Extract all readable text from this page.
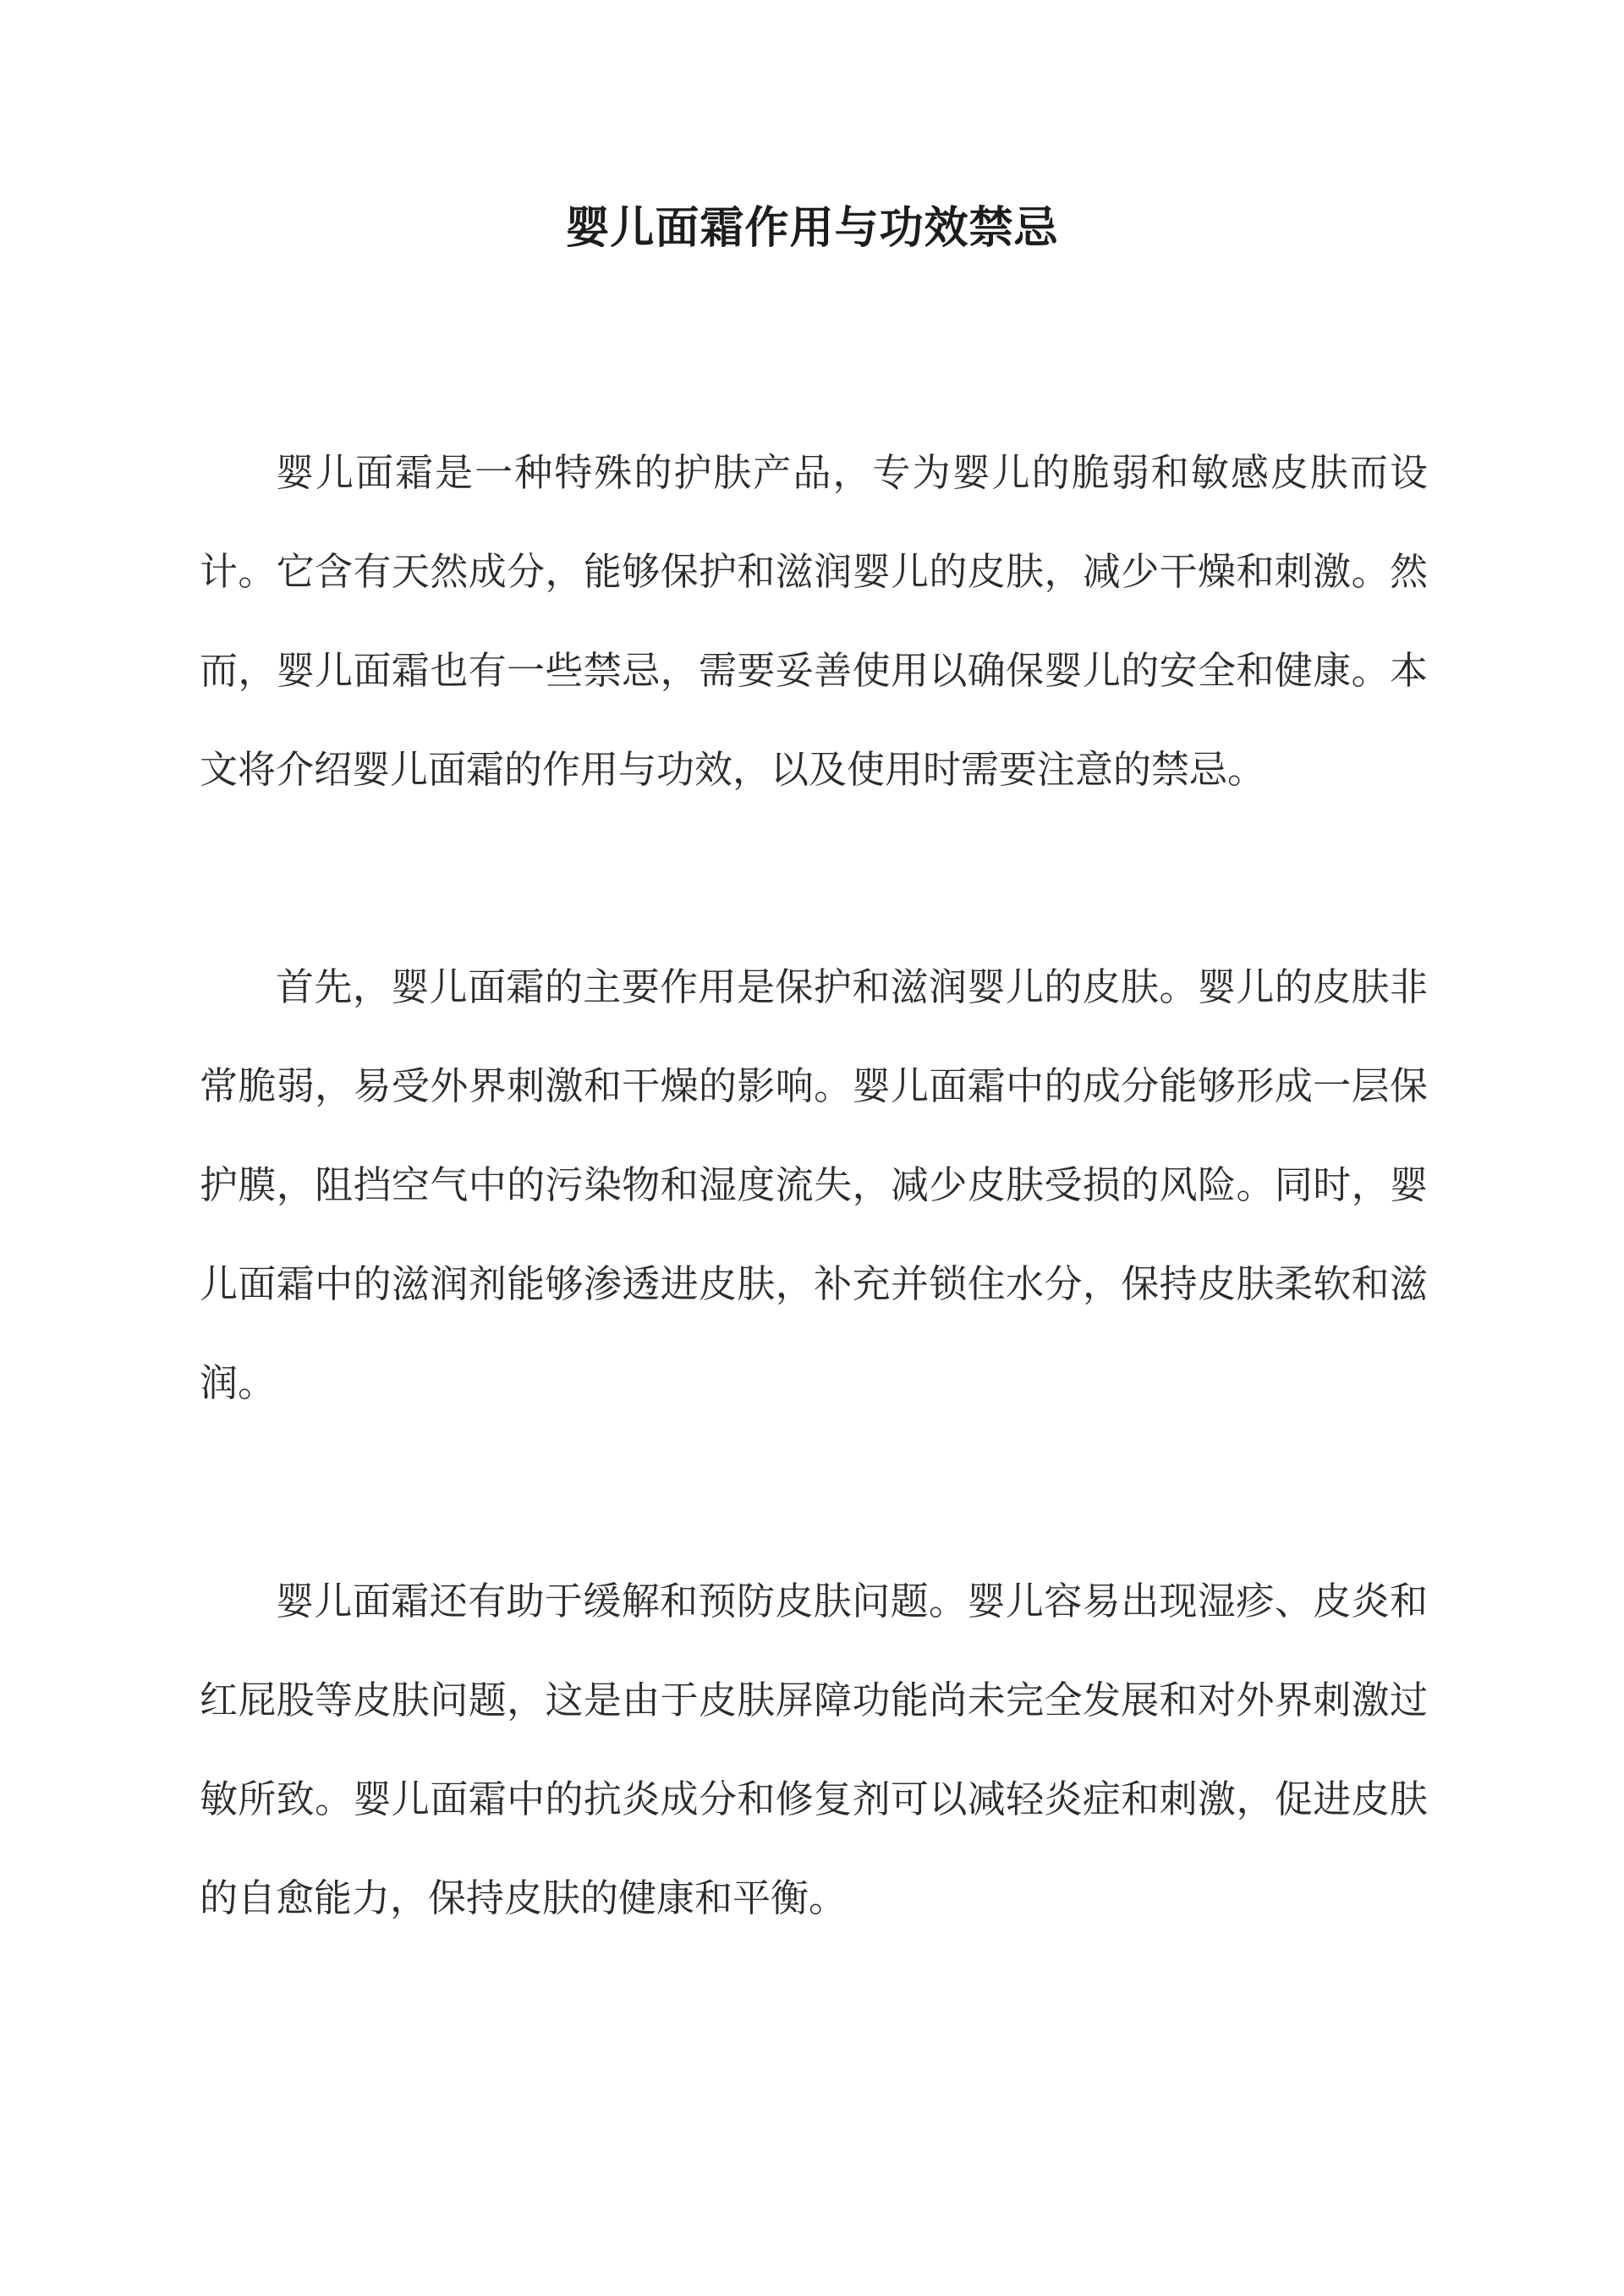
婴儿面霜作用与功效禁忌

婴儿面霜是一种特殊的护肤产品，专为婴儿的脆弱和敏感皮肤而设计。它含有天然成分，能够保护和滋润婴儿的皮肤，减少干燥和刺激。然而，婴儿面霜也有一些禁忌，需要妥善使用以确保婴儿的安全和健康。本文将介绍婴儿面霜的作用与功效，以及使用时需要注意的禁忌。

首先，婴儿面霜的主要作用是保护和滋润婴儿的皮肤。婴儿的皮肤非常脆弱，易受外界刺激和干燥的影响。婴儿面霜中的成分能够形成一层保护膜，阻挡空气中的污染物和湿度流失，减少皮肤受损的风险。同时，婴儿面霜中的滋润剂能够渗透进皮肤，补充并锁住水分，保持皮肤柔软和滋润。

婴儿面霜还有助于缓解和预防皮肤问题。婴儿容易出现湿疹、皮炎和红屁股等皮肤问题，这是由于皮肤屏障功能尚未完全发展和对外界刺激过敏所致。婴儿面霜中的抗炎成分和修复剂可以减轻炎症和刺激，促进皮肤的自愈能力，保持皮肤的健康和平衡。
